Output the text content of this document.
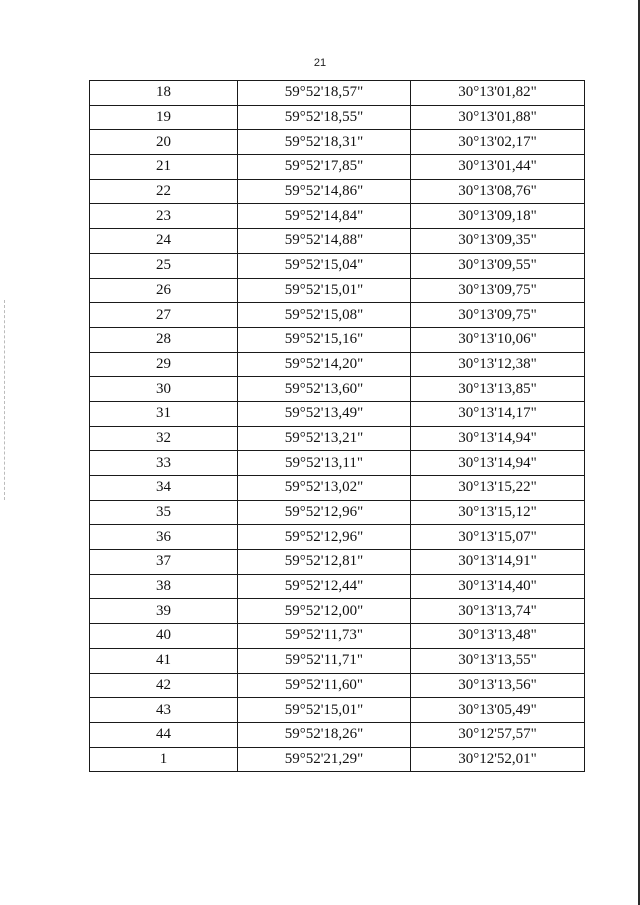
21
18	59°52'18,57"	30°13'01,82"
19	59°52'18,55"	30°13'01,88"
20	59°52'18,31"	30°13'02,17"
21	59°52'17,85"	30°13'01,44"
22	59°52'14,86"	30°13'08,76"
23	59°52'14,84"	30°13'09,18"
24	59°52'14,88"	30°13'09,35"
25	59°52'15,04"	30°13'09,55"
26	59°52'15,01"	30°13'09,75"
27	59°52'15,08"	30°13'09,75"
28	59°52'15,16"	30°13'10,06"
29	59°52'14,20"	30°13'12,38"
30	59°52'13,60"	30°13'13,85"
31	59°52'13,49"	30°13'14,17"
32	59°52'13,21"	30°13'14,94"
33	59°52'13,11"	30°13'14,94"
34	59°52'13,02"	30°13'15,22"
35	59°52'12,96"	30°13'15,12"
36	59°52'12,96"	30°13'15,07"
37	59°52'12,81"	30°13'14,91"
38	59°52'12,44"	30°13'14,40"
39	59°52'12,00"	30°13'13,74"
40	59°52'11,73"	30°13'13,48"
41	59°52'11,71"	30°13'13,55"
42	59°52'11,60"	30°13'13,56"
43	59°52'15,01"	30°13'05,49"
44	59°52'18,26"	30°12'57,57"
1	59°52'21,29"	30°12'52,01"
